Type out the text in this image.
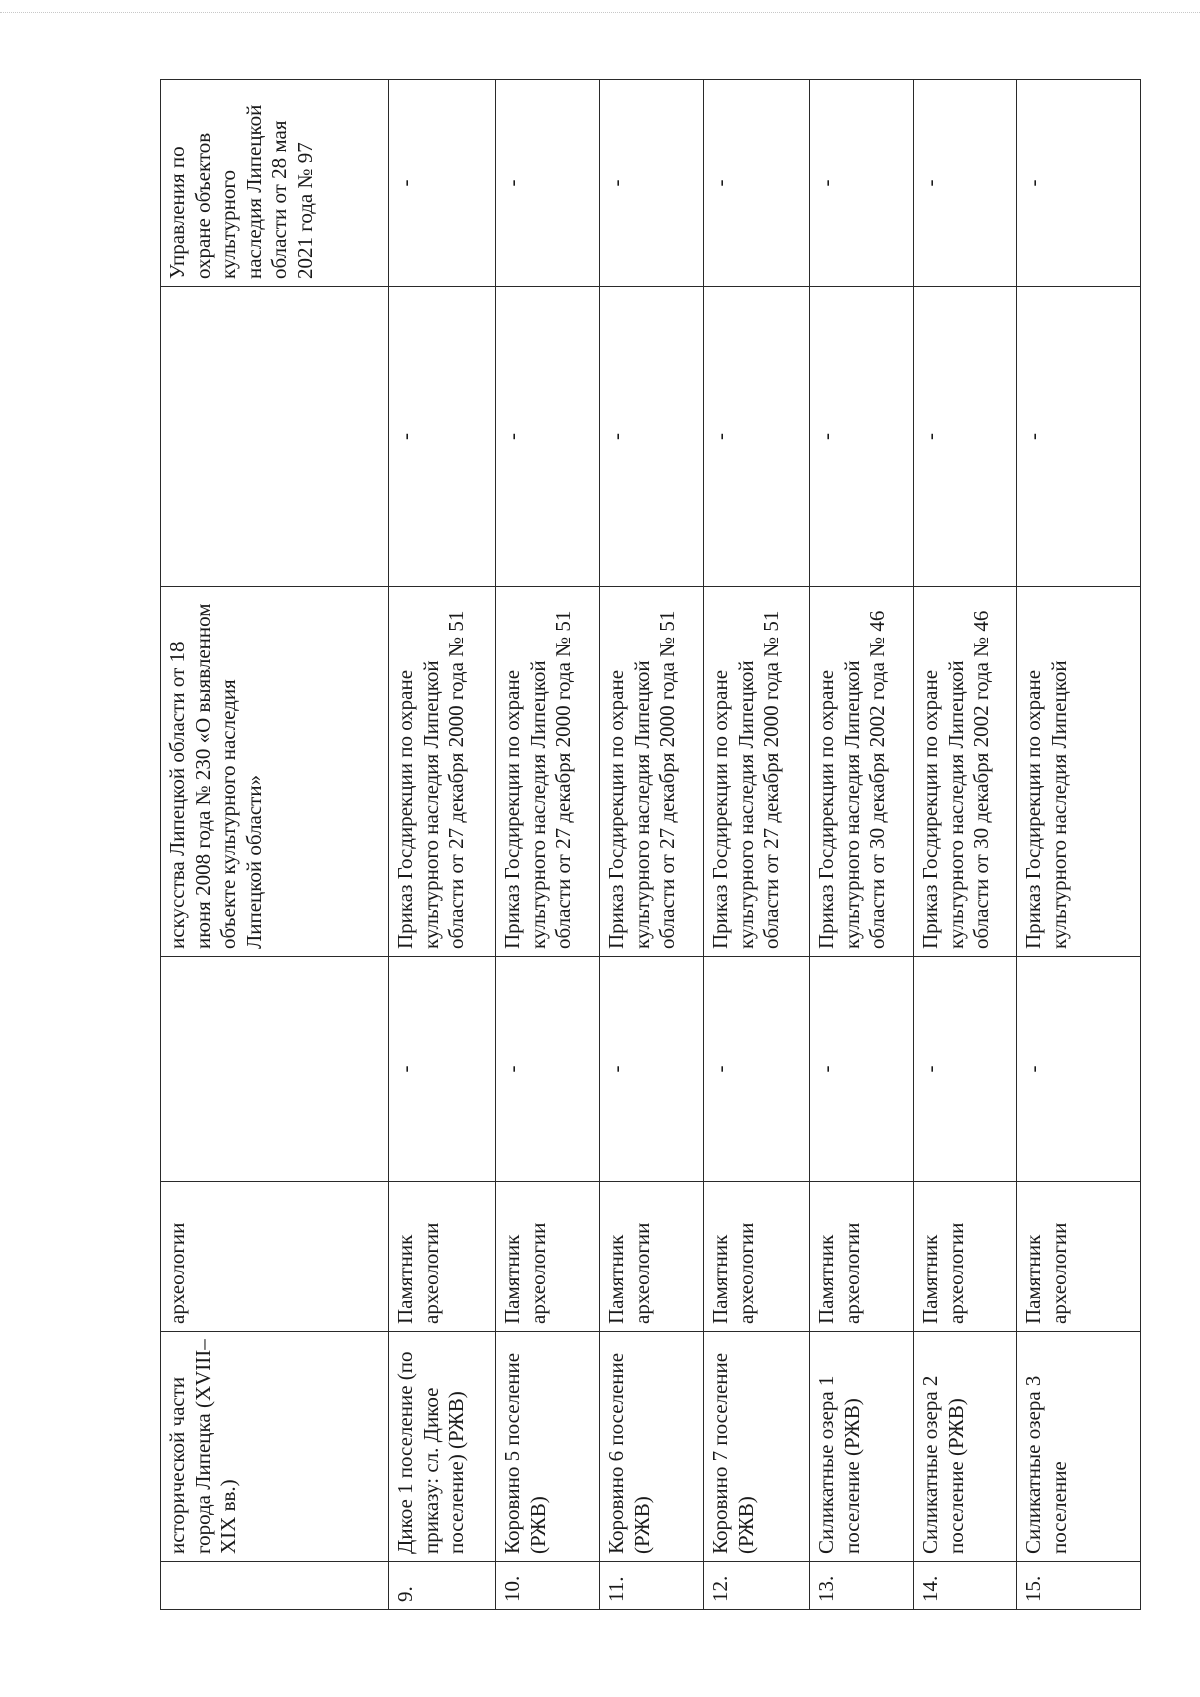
	исторической части города Липецка (XVIII–XIX вв.)	археологии		искусства Липецкой области от 18 июня 2008 года № 230 «О выявленном объекте культурного наследия Липецкой области»		Управления по охране объектов культурного наследия Липецкой области от 28 мая 2021 года № 97
9.	Дикое 1 поселение (по приказу: сл. Дикое поселение) (РЖВ)	Памятник археологии	-	Приказ Госдирекции по охране культурного наследия Липецкой области от 27 декабря 2000 года № 51	-	-
10.	Коровино 5 поселение (РЖВ)	Памятник археологии	-	Приказ Госдирекции по охране культурного наследия Липецкой области от 27 декабря 2000 года № 51	-	-
11.	Коровино 6 поселение (РЖВ)	Памятник археологии	-	Приказ Госдирекции по охране культурного наследия Липецкой области от 27 декабря 2000 года № 51	-	-
12.	Коровино 7 поселение (РЖВ)	Памятник археологии	-	Приказ Госдирекции по охране культурного наследия Липецкой области от 27 декабря 2000 года № 51	-	-
13.	Силикатные озера 1 поселение (РЖВ)	Памятник археологии	-	Приказ Госдирекции по охране культурного наследия Липецкой области от 30 декабря 2002 года № 46	-	-
14.	Силикатные озера 2 поселение (РЖВ)	Памятник археологии	-	Приказ Госдирекции по охране культурного наследия Липецкой области от 30 декабря 2002 года № 46	-	-
15.	Силикатные озера 3 поселение	Памятник археологии	-	Приказ Госдирекции по охране культурного наследия Липецкой	-	-
